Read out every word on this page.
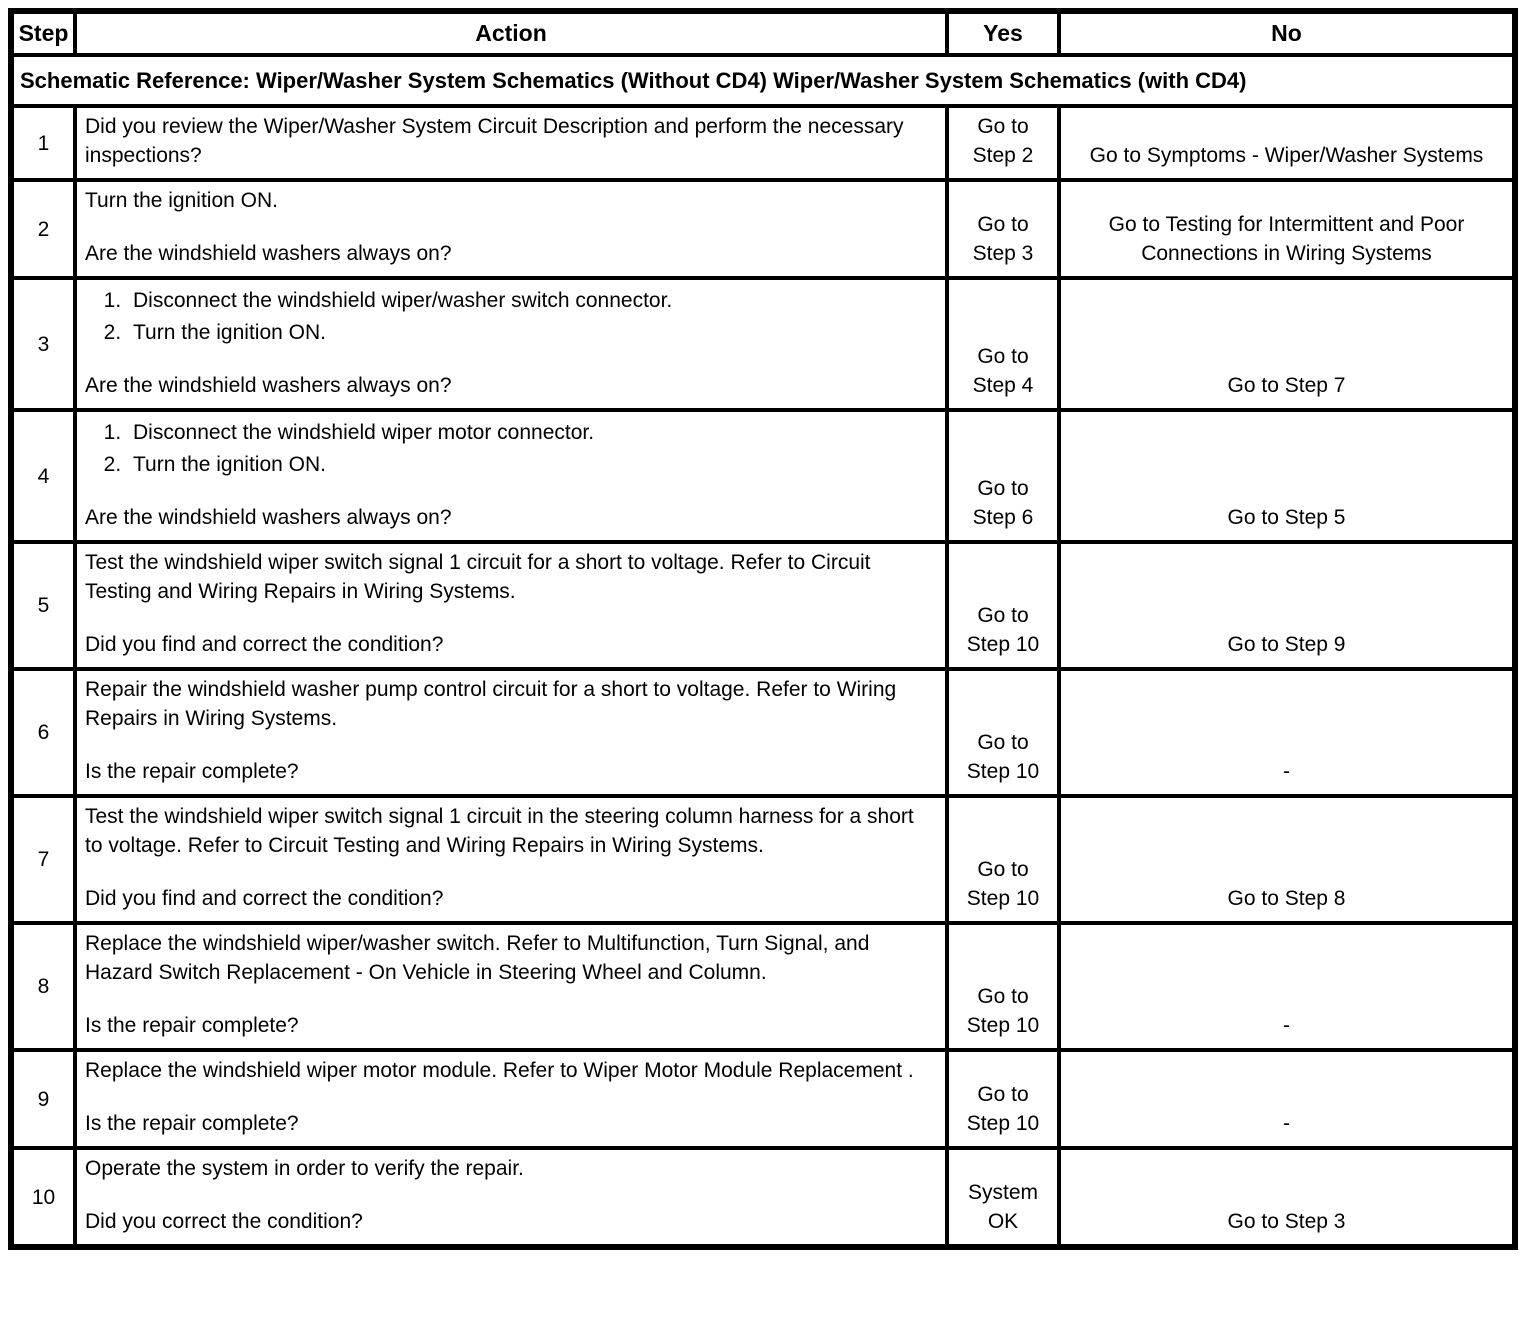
Step	Action	Yes	No
Schematic Reference: Wiper/Washer System Schematics (Without CD4) Wiper/Washer System Schematics (with CD4)			
1	Did you review the Wiper/Washer System Circuit Description and perform the necessary inspections?	Go to Step 2	Go to Symptoms - Wiper/Washer Systems

2	Turn the ignition ON.
Are the windshield washers always on?	Go to Step 3	Go to Testing for Intermittent and Poor Connections in Wiring Systems

3	
1. Disconnect the windshield wiper/washer switch connector.
2. Turn the ignition ON.
Are the windshield washers always on?

Go to Step 4	Go to Step 7

4	
1. Disconnect the windshield wiper motor connector.
2. Turn the ignition ON.
Are the windshield washers always on?

Go to Step 6	Go to Step 5

5	Test the windshield wiper switch signal 1 circuit for a short to voltage. Refer to Circuit Testing and Wiring Repairs in Wiring Systems.
Did you find and correct the condition?	Go to Step 10	Go to Step 9

6	Repair the windshield washer pump control circuit for a short to voltage. Refer to Wiring Repairs in Wiring Systems.
Is the repair complete?	Go to Step 10	-

7	Test the windshield wiper switch signal 1 circuit in the steering column harness for a short to voltage. Refer to Circuit Testing and Wiring Repairs in Wiring Systems.
Did you find and correct the condition?	Go to Step 10	Go to Step 8

8	Replace the windshield wiper/washer switch. Refer to Multifunction, Turn Signal, and Hazard Switch Replacement - On Vehicle in Steering Wheel and Column.
Is the repair complete?	Go to Step 10	-

9	Replace the windshield wiper motor module. Refer to Wiper Motor Module Replacement .
Is the repair complete?	Go to Step 10	-

10	Operate the system in order to verify the repair.
Did you correct the condition?	System OK	Go to Step 3
